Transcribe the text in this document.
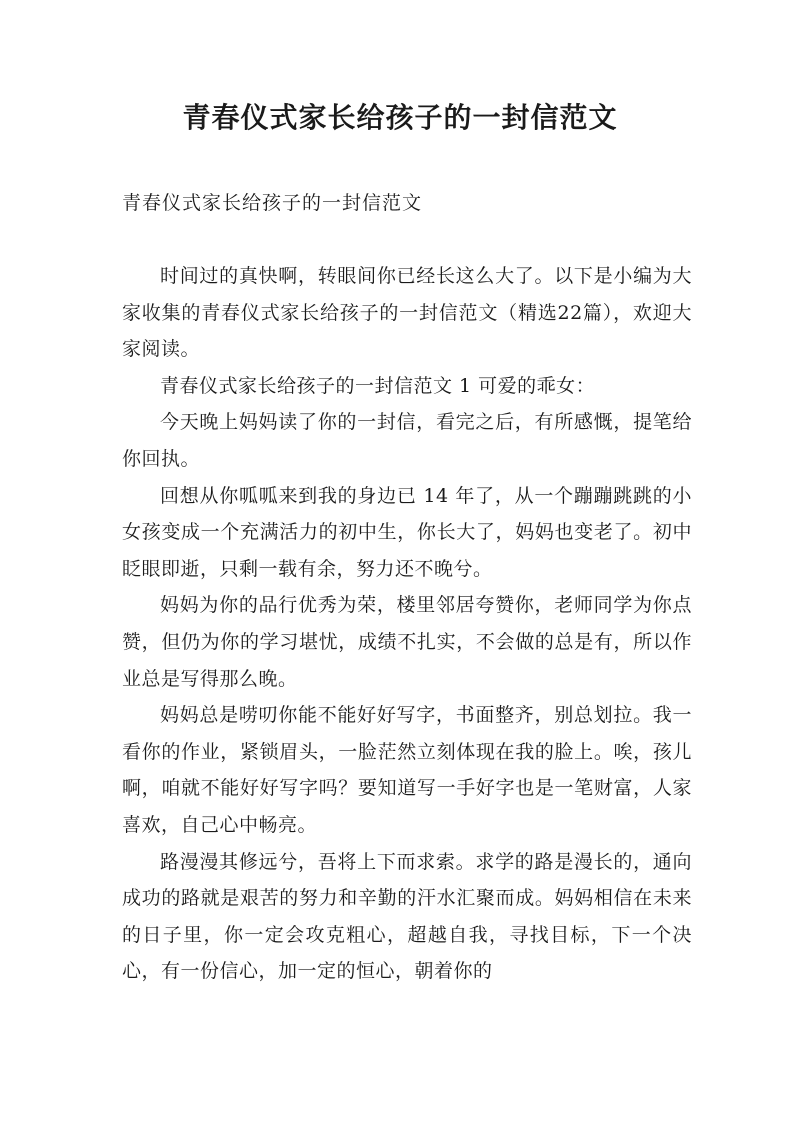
青春仪式家长给孩子的一封信范文

青春仪式家长给孩子的一封信范文

时间过的真快啊，转眼间你已经长这么大了。以下是小编为大家收集的青春仪式家长给孩子的一封信范文（精选22篇），欢迎大家阅读。

青春仪式家长给孩子的一封信范文 1 可爱的乖女：

今天晚上妈妈读了你的一封信，看完之后，有所感慨，提笔给你回执。

回想从你呱呱来到我的身边已 14 年了，从一个蹦蹦跳跳的小女孩变成一个充满活力的初中生，你长大了，妈妈也变老了。初中眨眼即逝，只剩一载有余，努力还不晚兮。

妈妈为你的品行优秀为荣，楼里邻居夸赞你，老师同学为你点赞，但仍为你的学习堪忧，成绩不扎实，不会做的总是有，所以作业总是写得那么晚。

妈妈总是唠叨你能不能好好写字，书面整齐，别总划拉。我一看你的作业，紧锁眉头，一脸茫然立刻体现在我的脸上。唉，孩儿啊，咱就不能好好写字吗？要知道写一手好字也是一笔财富，人家喜欢，自己心中畅亮。

路漫漫其修远兮，吾将上下而求索。求学的路是漫长的，通向成功的路就是艰苦的努力和辛勤的汗水汇聚而成。妈妈相信在未来的日子里，你一定会攻克粗心，超越自我，寻找目标，下一个决心，有一份信心，加一定的恒心，朝着你的
